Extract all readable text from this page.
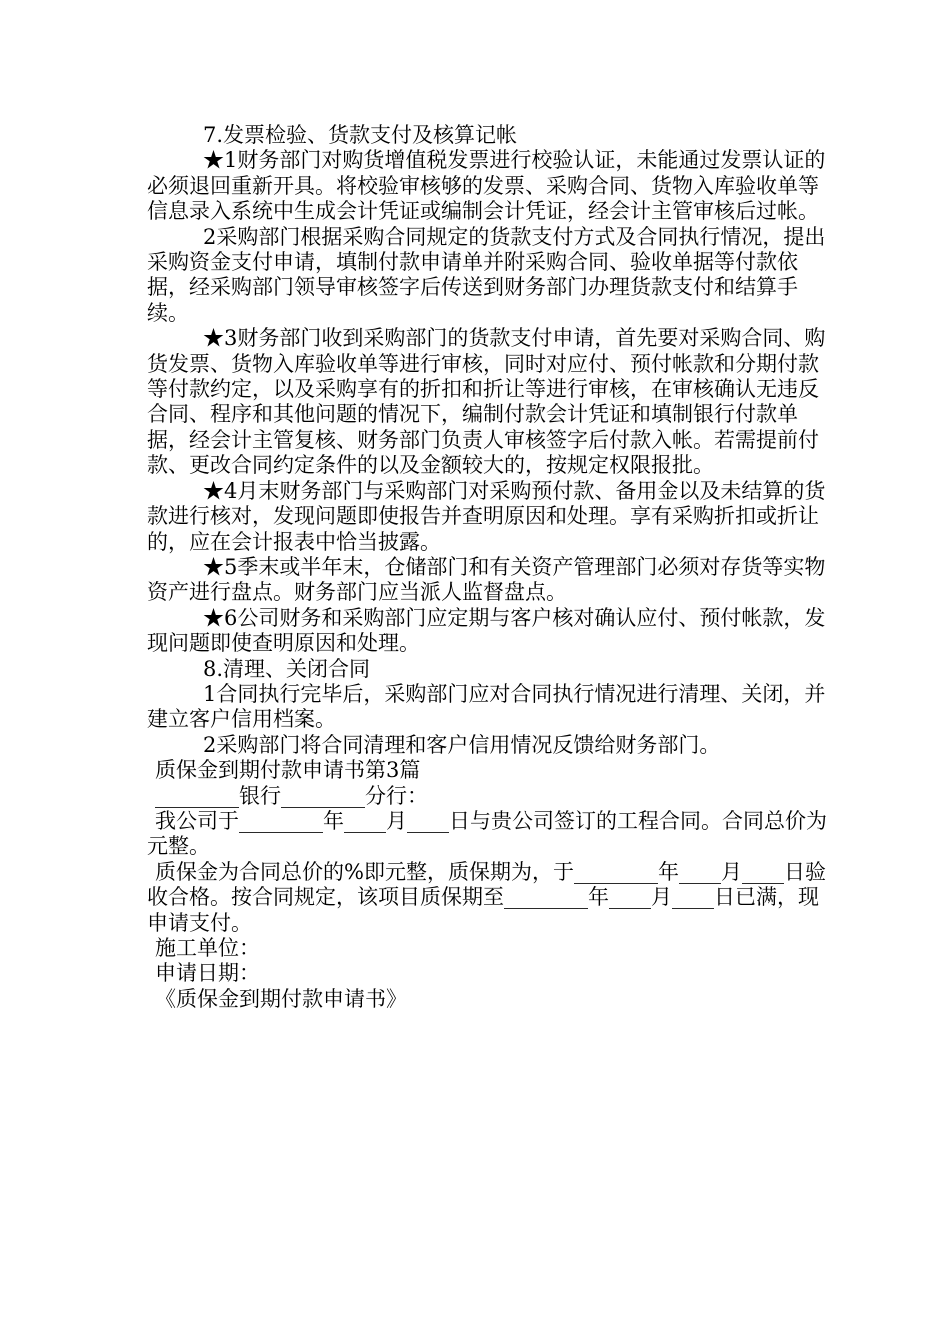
7.发票检验、货款支付及核算记帐

★1财务部门对购货增值税发票进行校验认证，未能通过发票认证的必须退回重新开具。将校验审核够的发票、采购合同、货物入库验收单等信息录入系统中生成会计凭证或编制会计凭证，经会计主管审核后过帐。

2采购部门根据采购合同规定的货款支付方式及合同执行情况，提出采购资金支付申请，填制付款申请单并附采购合同、验收单据等付款依据，经采购部门领导审核签字后传送到财务部门办理货款支付和结算手续。

★3财务部门收到采购部门的货款支付申请，首先要对采购合同、购货发票、货物入库验收单等进行审核，同时对应付、预付帐款和分期付款等付款约定，以及采购享有的折扣和折让等进行审核，在审核确认无违反合同、程序和其他问题的情况下，编制付款会计凭证和填制银行付款单据，经会计主管复核、财务部门负责人审核签字后付款入帐。若需提前付款、更改合同约定条件的以及金额较大的，按规定权限报批。

★4月末财务部门与采购部门对采购预付款、备用金以及未结算的货款进行核对，发现问题即使报告并查明原因和处理。享有采购折扣或折让的，应在会计报表中恰当披露。

★5季末或半年末，仓储部门和有关资产管理部门必须对存货等实物资产进行盘点。财务部门应当派人监督盘点。

★6公司财务和采购部门应定期与客户核对确认应付、预付帐款，发现问题即使查明原因和处理。

8.清理、关闭合同

1合同执行完毕后，采购部门应对合同执行情况进行清理、关闭，并建立客户信用档案。

2采购部门将合同清理和客户信用情况反馈给财务部门。

质保金到期付款申请书第3篇

________银行________分行：

我公司于________年____月____日与贵公司签订的工程合同。合同总价为元整。

质保金为合同总价的%即元整，质保期为，于________年____月____日验收合格。按合同规定，该项目质保期至________年____月____日已满，现申请支付。

施工单位：

申请日期：

《质保金到期付款申请书》
